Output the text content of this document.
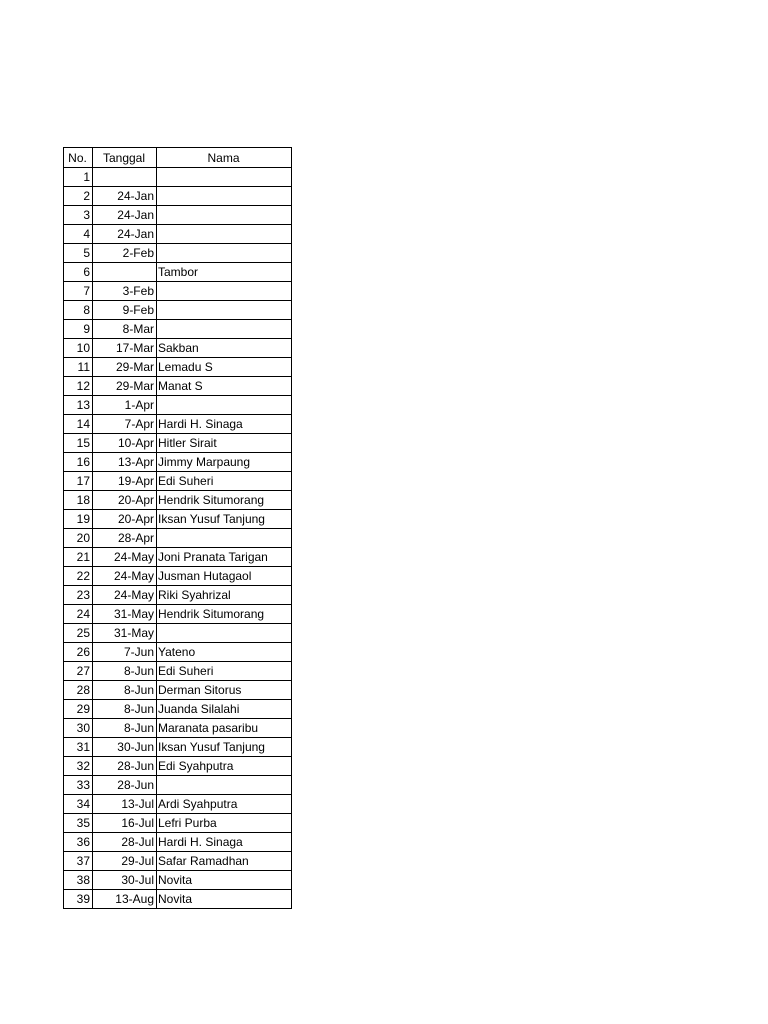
No.	Tanggal	Nama
1		
2	24-Jan	
3	24-Jan	
4	24-Jan	
5	2-Feb	
6		Tambor
7	3-Feb	
8	9-Feb	
9	8-Mar	
10	17-Mar	Sakban
11	29-Mar	Lemadu S
12	29-Mar	Manat S
13	1-Apr	
14	7-Apr	Hardi H. Sinaga
15	10-Apr	Hitler Sirait
16	13-Apr	Jimmy Marpaung
17	19-Apr	Edi Suheri
18	20-Apr	Hendrik Situmorang
19	20-Apr	Iksan Yusuf Tanjung
20	28-Apr	
21	24-May	Joni Pranata Tarigan
22	24-May	Jusman Hutagaol
23	24-May	Riki Syahrizal
24	31-May	Hendrik Situmorang
25	31-May	
26	7-Jun	Yateno
27	8-Jun	Edi Suheri
28	8-Jun	Derman Sitorus
29	8-Jun	Juanda Silalahi
30	8-Jun	Maranata pasaribu
31	30-Jun	Iksan Yusuf Tanjung
32	28-Jun	Edi Syahputra
33	28-Jun	
34	13-Jul	Ardi Syahputra
35	16-Jul	Lefri Purba
36	28-Jul	Hardi H. Sinaga
37	29-Jul	Safar Ramadhan
38	30-Jul	Novita
39	13-Aug	Novita
